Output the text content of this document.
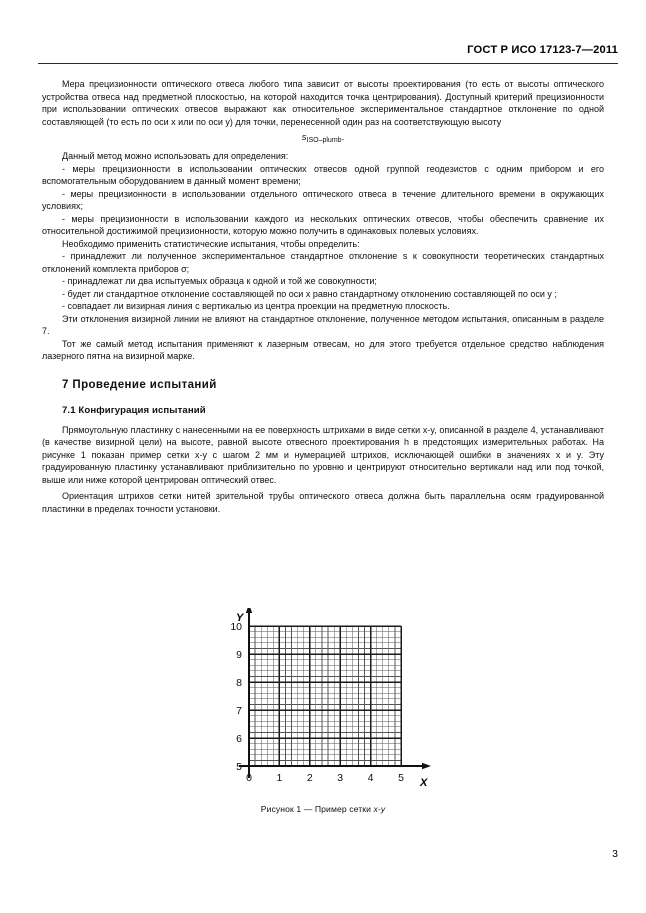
ГОСТ Р ИСО 17123-7—2011

Мера прецизионности оптического отвеса любого типа зависит от высоты проектирования (то есть от высоты оптического устройства отвеса над предметной плоскостью, на которой находится точка центрирования). Доступный критерий прецизионности при использовании оптических отвесов выражают как относительное экспериментальное стандартное отклонение по одной составляющей (то есть по оси x или по оси y) для точки, перенесенной один раз на соответствующую высоту

$s_{ISO-plumb}$.

Данный метод можно использовать для определения:

- меры прецизионности в использовании оптических отвесов одной группой геодезистов с одним прибором и его вспомогательным оборудованием в данный момент времени;

- меры прецизионности в использовании отдельного оптического отвеса в течение длительного времени в окружающих условиях;

- меры прецизионности в использовании каждого из нескольких оптических отвесов, чтобы обеспечить сравнение их относительной достижимой прецизионности, которую можно получить в одинаковых полевых условиях.

Необходимо применить статистические испытания, чтобы определить:

- принадлежит ли полученное экспериментальное стандартное отклонение s к совокупности теоретических стандартных отклонений комплекта приборов σ;

- принадлежат ли два испытуемых образца к одной и той же совокупности;

- будет ли стандартное отклонение составляющей по оси x равно стандартному отклонению составляющей по оси y ;

- совпадает ли визирная линия с вертикалью из центра проекции на предметную плоскость.

Эти отклонения визирной линии не влияют на стандартное отклонение, полученное методом испытания, описанным в разделе 7.

Тот же самый метод испытания применяют к лазерным отвесам, но для этого требуется отдельное средство наблюдения лазерного пятна на визирной марке.

7 Проведение испытаний
7.1 Конфигурация испытаний

Прямоугольную пластинку с нанесенными на ее поверхность штрихами в виде сетки x-y, описанной в разделе 4, устанавливают (в качестве визирной цели) на высоте, равной высоте отвесного проектирования h в предстоящих измерительных работах. На рисунке 1 показан пример сетки x-y с шагом 2 мм и нумерацией штрихов, исключающей ошибки в значениях x и y. Эту градуированную пластинку устанавливают приблизительно по уровню и центрируют относительно вертикали над или под точкой, выше или ниже которой центрирован оптический отвес.

Ориентация штрихов сетки нитей зрительной трубы оптического отвеса должна быть параллельна осям градуированной пластинки в пределах точности установки.

0 1 2 3 4 5
5
6
7
8
9
10
X
Y
Рисунок 1 — Пример сетки x-y
3
